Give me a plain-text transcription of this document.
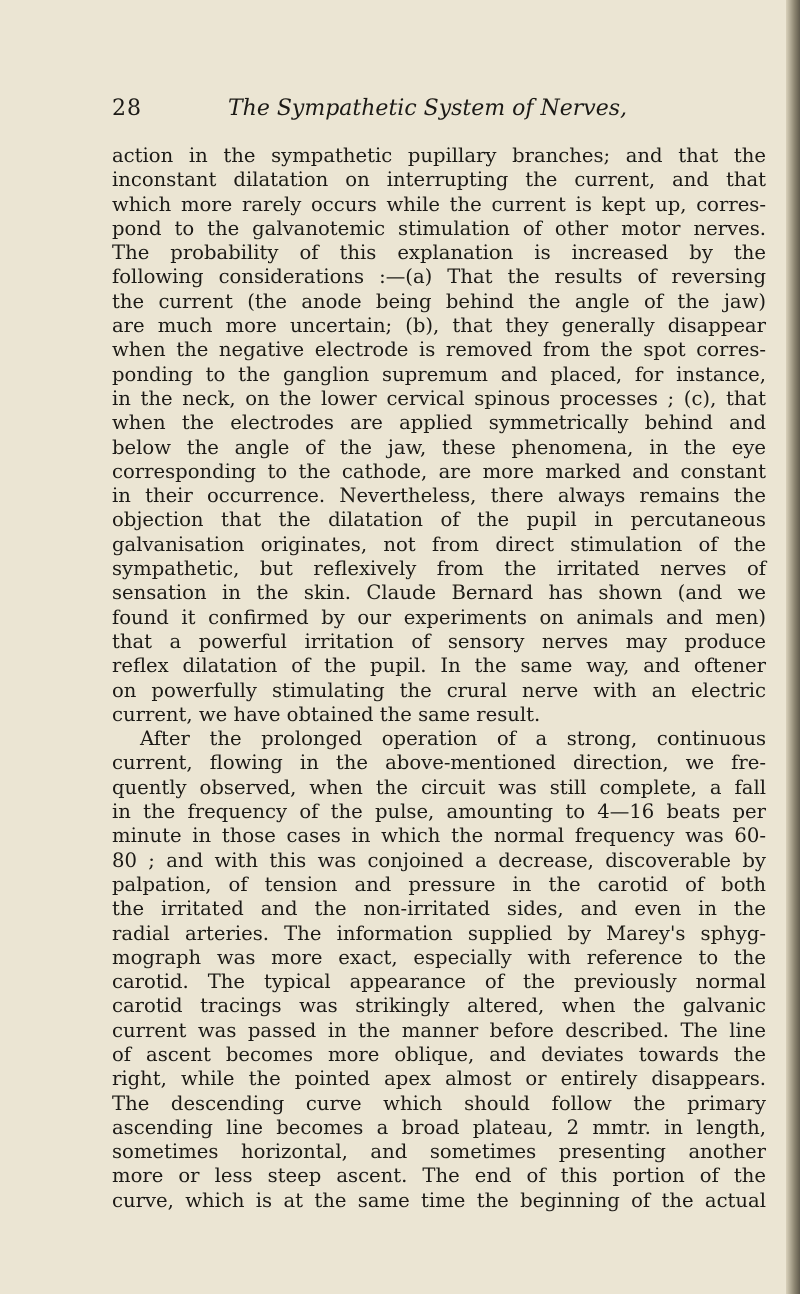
28	The Sympathetic System of Nerves,
action in the sympathetic pupillary branches; and that the
inconstant dilatation on interrupting the current, and that
which more rarely occurs while the current is kept up, corres-
pond to the galvanotemic stimulation of other motor nerves.
The probability of this explanation is increased by the
following considerations :—(a) That the results of reversing
the current (the anode being behind the angle of the jaw)
are much more uncertain; (b), that they generally disappear
when the negative electrode is removed from the spot corres-
ponding to the ganglion supremum and placed, for instance,
in the neck, on the lower cervical spinous processes ; (c), that
when the electrodes are applied symmetrically behind and
below the angle of the jaw, these phenomena, in the eye
corresponding to the cathode, are more marked and constant
in their occurrence. Nevertheless, there always remains the
objection that the dilatation of the pupil in percutaneous
galvanisation originates, not from direct stimulation of the
sympathetic, but reflexively from the irritated nerves of
sensation in the skin. Claude Bernard has shown (and we
found it confirmed by our experiments on animals and men)
that a powerful irritation of sensory nerves may produce
reflex dilatation of the pupil. In the same way, and oftener
on powerfully stimulating the crural nerve with an electric
current, we have obtained the same result.
After the prolonged operation of a strong, continuous
current, flowing in the above-mentioned direction, we fre-
quently observed, when the circuit was still complete, a fall
in the frequency of the pulse, amounting to 4—16 beats per
minute in those cases in which the normal frequency was 60-
80 ; and with this was conjoined a decrease, discoverable by
palpation, of tension and pressure in the carotid of both
the irritated and the non-irritated sides, and even in the
radial arteries. The information supplied by Marey's sphyg-
mograph was more exact, especially with reference to the
carotid. The typical appearance of the previously normal
carotid tracings was strikingly altered, when the galvanic
current was passed in the manner before described. The line
of ascent becomes more oblique, and deviates towards the
right, while the pointed apex almost or entirely disappears.
The descending curve which should follow the primary
ascending line becomes a broad plateau, 2 mmtr. in length,
sometimes horizontal, and sometimes presenting another
more or less steep ascent. The end of this portion of the
curve, which is at the same time the beginning of the actual
